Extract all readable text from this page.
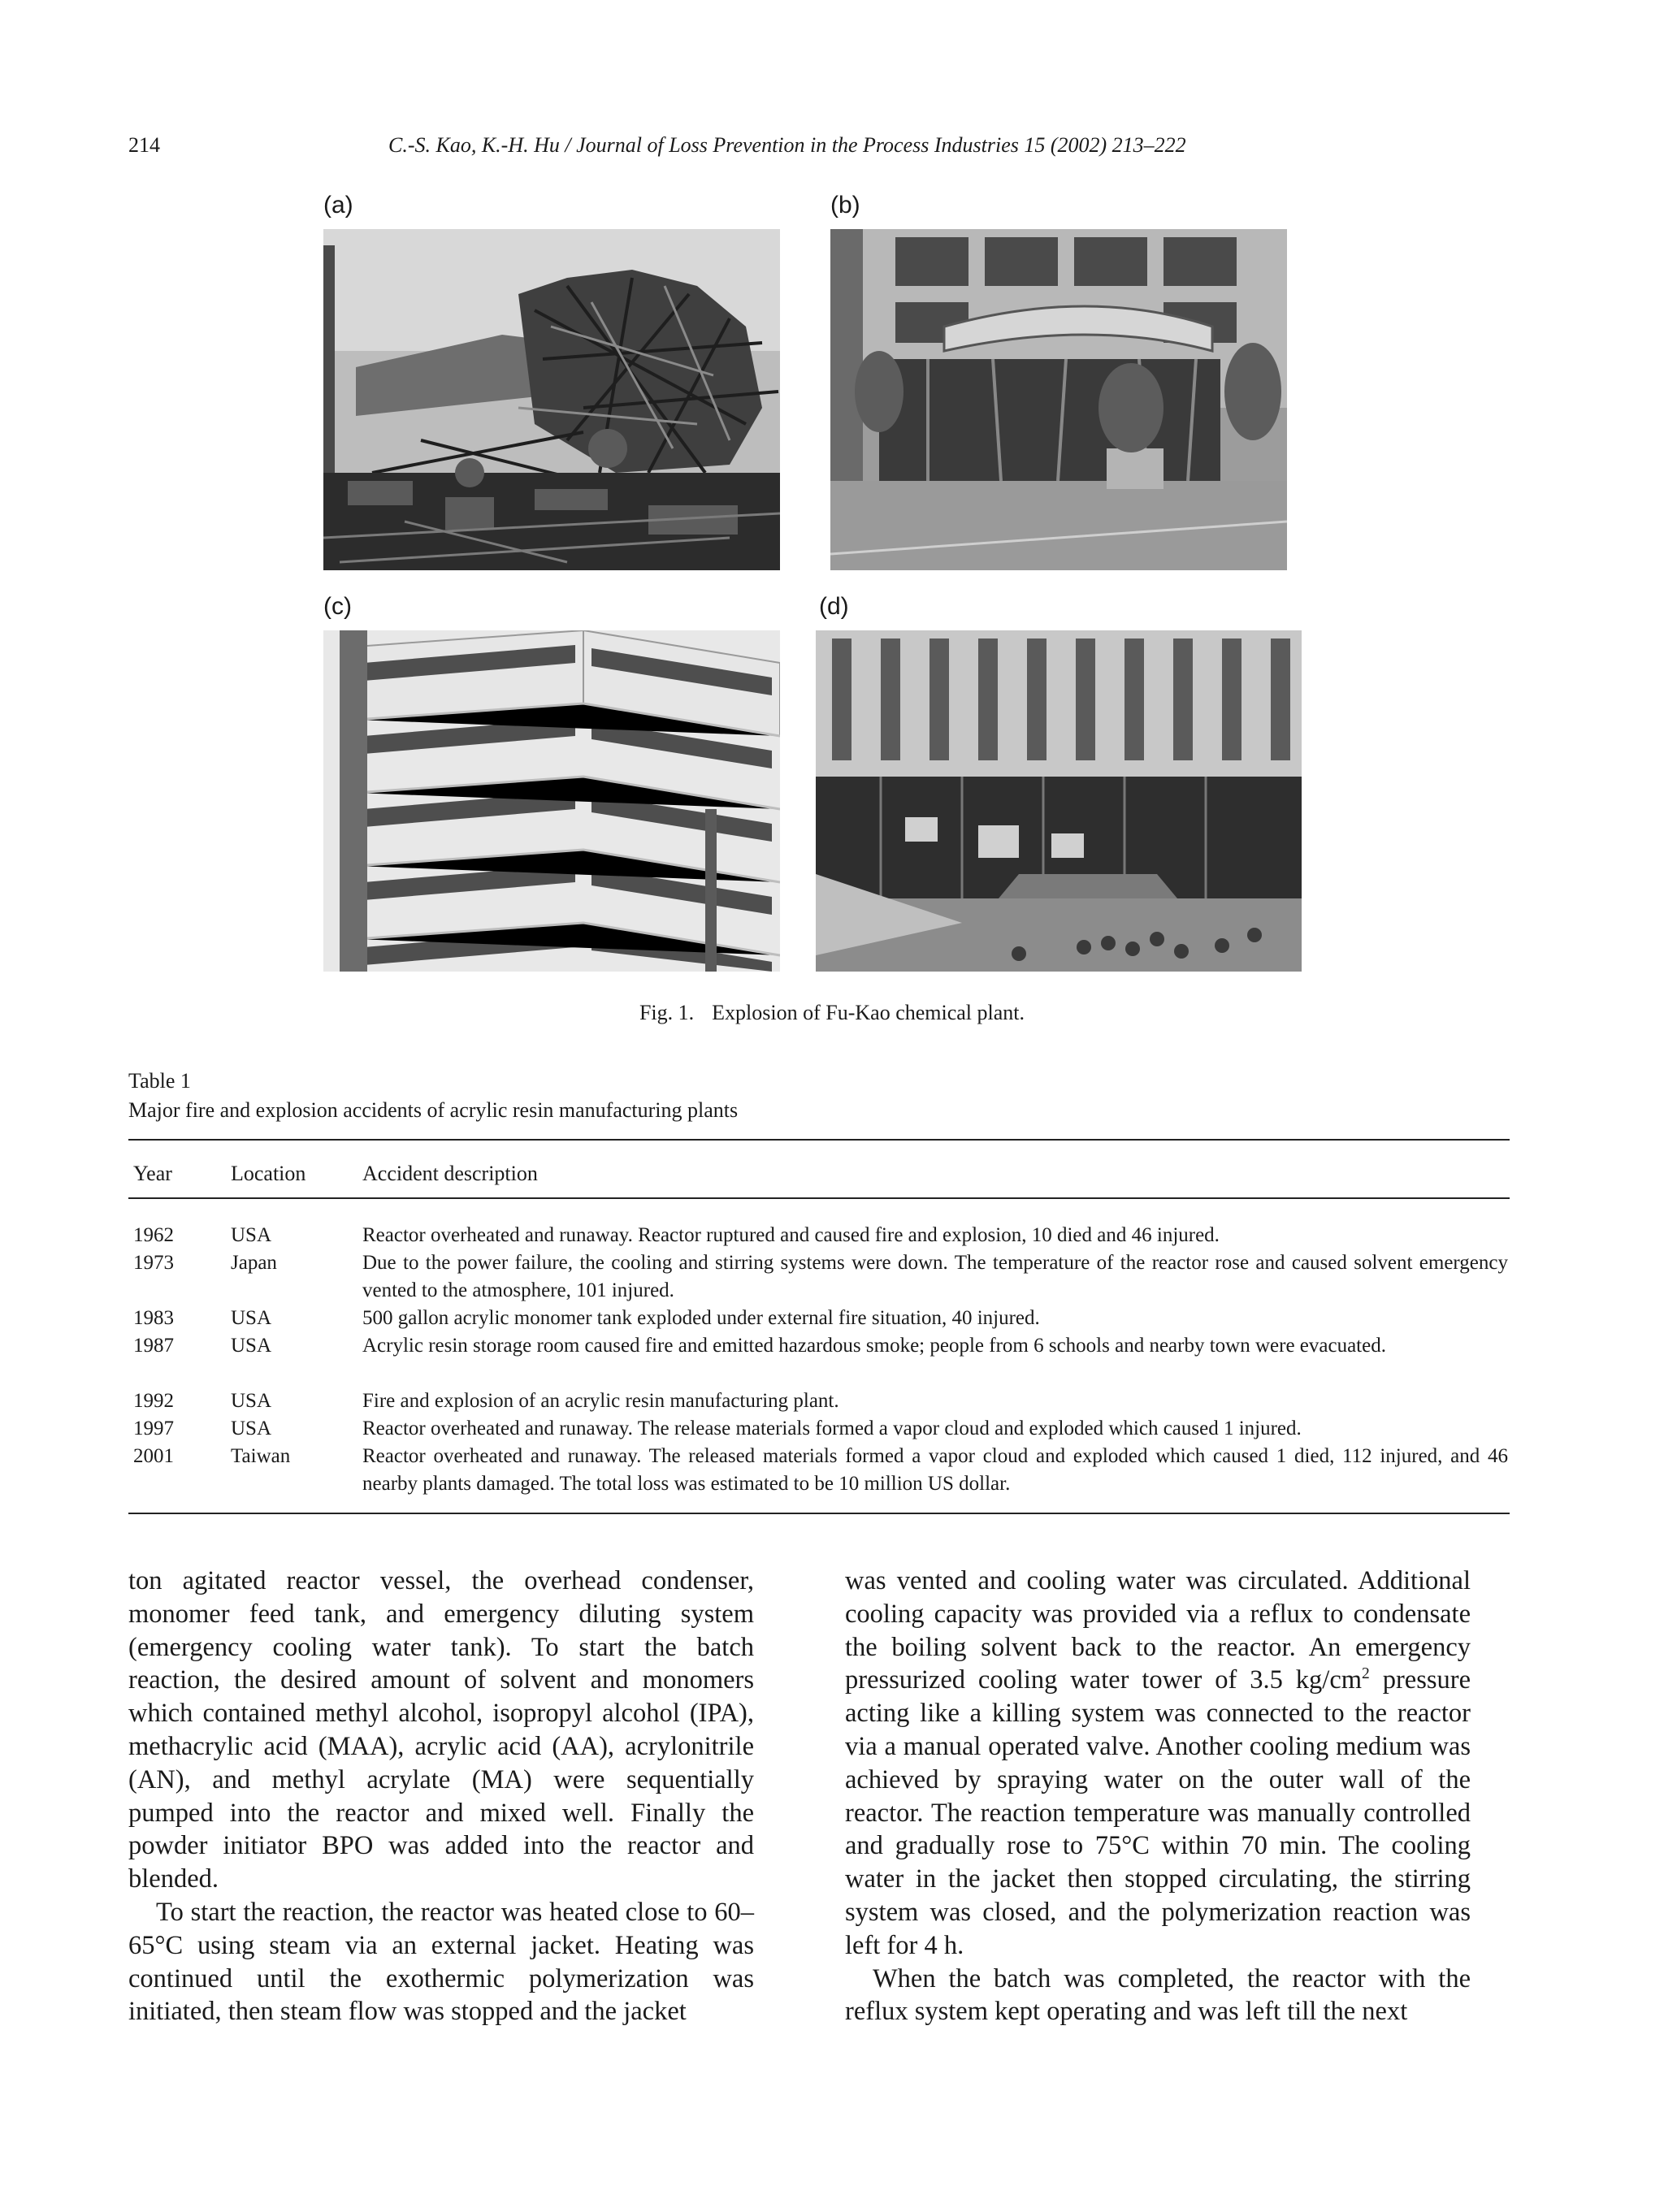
214	C.-S. Kao, K.-H. Hu / Journal of Loss Prevention in the Process Industries 15 (2002) 213–222
(a)	(b)
(c)	(d)
Fig. 1. Explosion of Fu-Kao chemical plant.
Table 1
Major fire and explosion accidents of acrylic resin manufacturing plants
Year	Location	Accident description
1962	USA	Reactor overheated and runaway. Reactor ruptured and caused fire and explosion, 10 died and 46 injured.
1973	Japan	Due to the power failure, the cooling and stirring systems were down. The temperature of the reactor rose and caused solvent emergency vented to the atmosphere, 101 injured.
1983	USA	500 gallon acrylic monomer tank exploded under external fire situation, 40 injured.
1987	USA	Acrylic resin storage room caused fire and emitted hazardous smoke; people from 6 schools and nearby town were evacuated.
1992	USA	Fire and explosion of an acrylic resin manufacturing plant.
1997	USA	Reactor overheated and runaway. The release materials formed a vapor cloud and exploded which caused 1 injured.
2001	Taiwan	Reactor overheated and runaway. The released materials formed a vapor cloud and exploded which caused 1 died, 112 injured, and 46 nearby plants damaged. The total loss was estimated to be 10 million US dollar.

ton agitated reactor vessel, the overhead condenser, monomer feed tank, and emergency diluting system (emergency cooling water tank). To start the batch reaction, the desired amount of solvent and monomers which contained methyl alcohol, isopropyl alcohol (IPA), methacrylic acid (MAA), acrylic acid (AA), acrylonitrile (AN), and methyl acrylate (MA) were sequentially pumped into the reactor and mixed well. Finally the powder initiator BPO was added into the reactor and blended.

To start the reaction, the reactor was heated close to 60–65°C using steam via an external jacket. Heating was continued until the exothermic polymerization was initiated, then steam flow was stopped and the jacket

was vented and cooling water was circulated. Additional cooling capacity was provided via a reflux to condensate the boiling solvent back to the reactor. An emergency pressurized cooling water tower of 3.5 $kg/cm^2$ pressure acting like a killing system was connected to the reactor via a manual operated valve. Another cooling medium was achieved by spraying water on the outer wall of the reactor. The reaction temperature was manually controlled and gradually rose to 75°C within 70 min. The cooling water in the jacket then stopped circulating, the stirring system was closed, and the polymerization reaction was left for 4 h.

When the batch was completed, the reactor with the reflux system kept operating and was left till the next
